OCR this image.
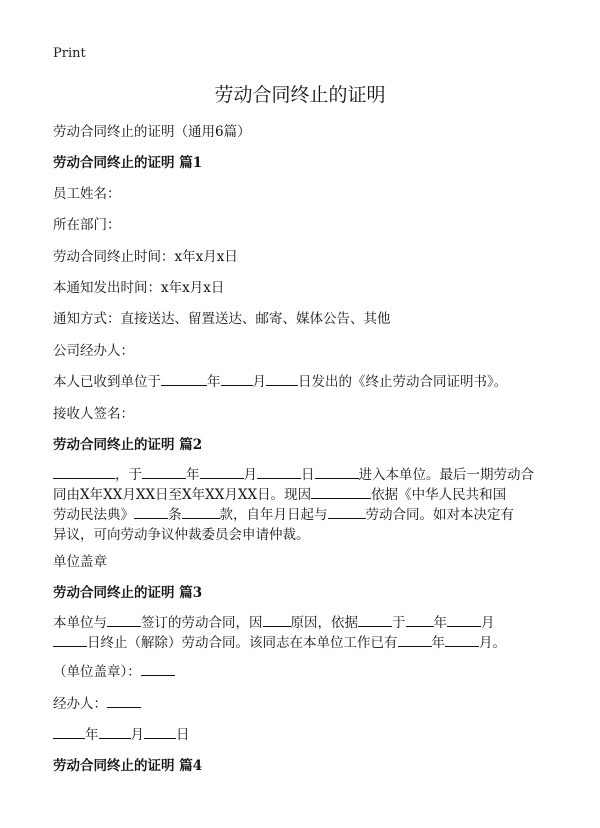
Print
劳动合同终止的证明
劳动合同终止的证明（通用6篇）
劳动合同终止的证明 篇1
员工姓名：
所在部门：
劳动合同终止时间：x年x月x日
本通知发出时间：x年x月x日
通知方式：直接送达、留置送达、邮寄、媒体公告、其他
公司经办人：
本人已收到单位于	年 月 日发出的《终止劳动合同证明书》。
接收人签名：
劳动合同终止的证明 篇2
，于	年	月	日	进入本单位。最后一期劳动合
同由X年XX月XX日至X年XX月XX日。现因	依据《中华人民共和国
劳动民法典》	条	款，自年月日起与	劳动合同。如对本决定有
异议，可向劳动争议仲裁委员会申请仲裁。
单位盖章
劳动合同终止的证明 篇3
本单位与	签订的劳动合同，因 原因，依据	于 年	月
日终止（解除）劳动合同。该同志在本单位工作已有	年	月。
（单位盖章）：
经办人：
年 月 日
劳动合同终止的证明 篇4
